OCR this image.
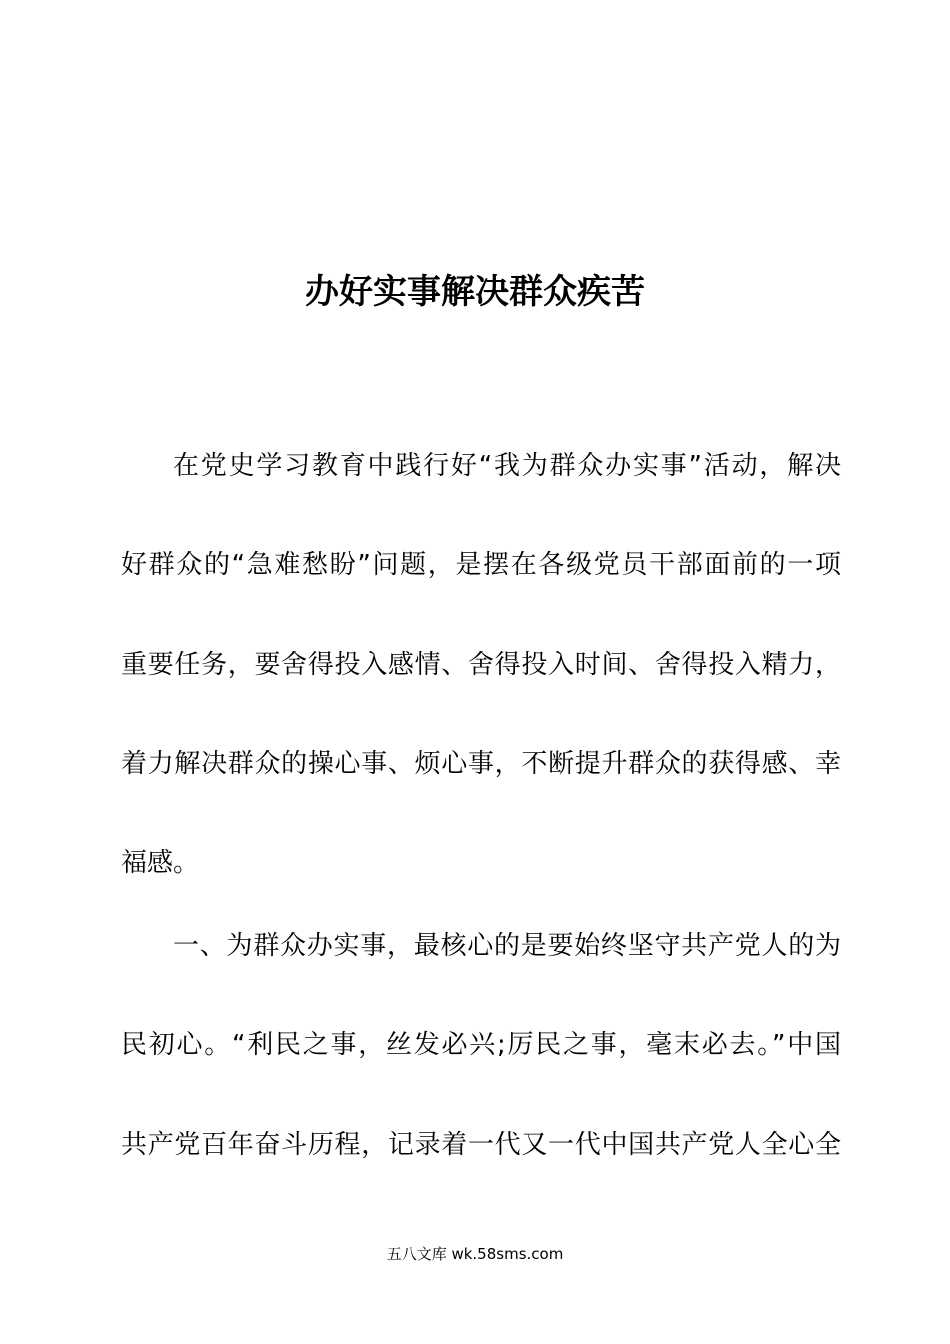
办好实事解决群众疾苦
在党史学习教育中践行好“我为群众办实事”活动，解决
好群众的“急难愁盼”问题，是摆在各级党员干部面前的一项
重要任务，要舍得投入感情、舍得投入时间、舍得投入精力，
着力解决群众的操心事、烦心事，不断提升群众的获得感、幸
福感。
一、为群众办实事，最核心的是要始终坚守共产党人的为
民初心。“利民之事，丝发必兴;厉民之事，毫末必去。”中国
共产党百年奋斗历程，记录着一代又一代中国共产党人全心全
五八文库 wk.58sms.com
